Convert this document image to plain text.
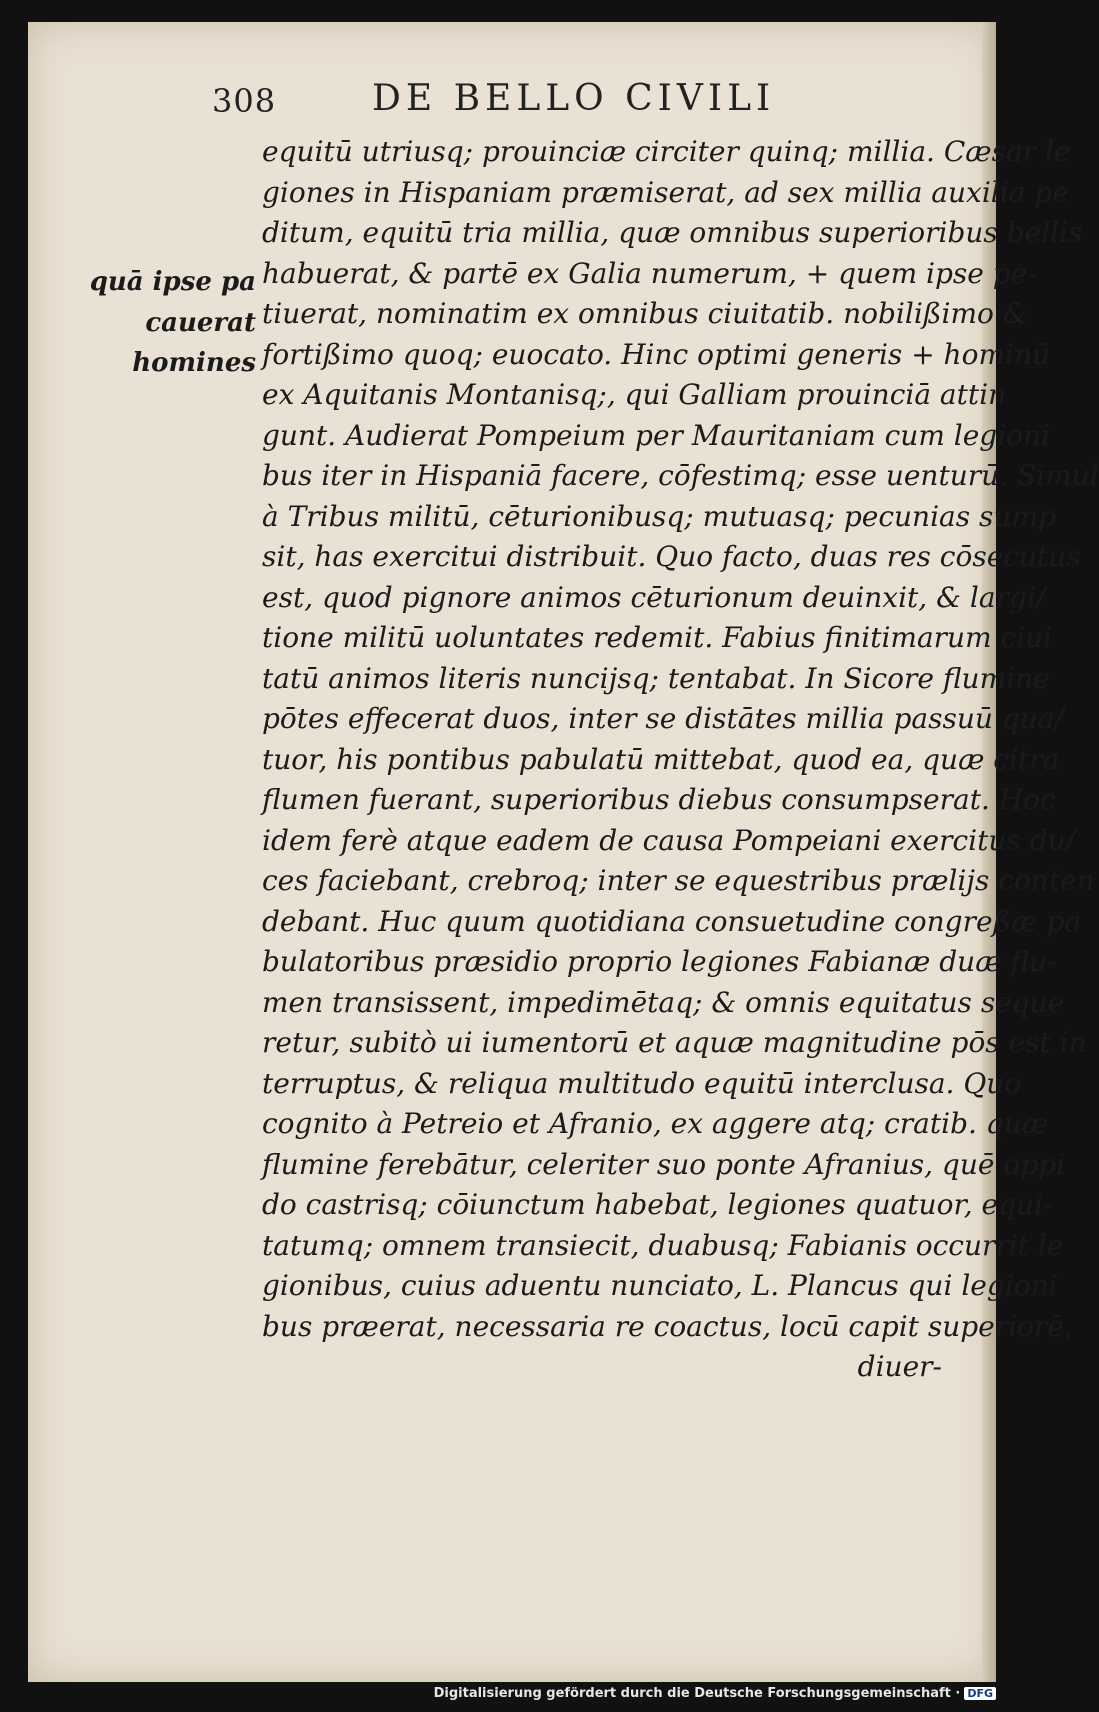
308	DE BELLO CIVILI
quā ipse pa
cauerat
homines
equitū utriusq; prouinciæ circiter quinq; millia. Cæsar le
giones in Hispaniam præmiserat, ad sex millia auxilia pe
ditum, equitū tria millia, quæ omnibus superioribus bellis
habuerat, & partē ex Galia numerum, + quem ipse pe-
tiuerat, nominatim ex omnibus ciuitatib. nobilißimo &
fortißimo quoq; euocato. Hinc optimi generis + hominū
ex Aquitanis Montanisq;, qui Galliam prouinciā attin
gunt. Audierat Pompeium per Mauritaniam cum legioni
bus iter in Hispaniā facere, cōfestimq; esse uenturū. Simul
à Tribus militū, cēturionibusq; mutuasq; pecunias sump
sit, has exercitui distribuit. Quo facto, duas res cōsecutus
est, quod pignore animos cēturionum deuinxit, & largi/
tione militū uoluntates redemit. Fabius finitimarum ciui
tatū animos literis nuncijsq; tentabat. In Sicore flumine
pōtes effecerat duos, inter se distātes millia passuū qua/
tuor, his pontibus pabulatū mittebat, quod ea, quæ citra
flumen fuerant, superioribus diebus consumpserat. Hoc
idem ferè atque eadem de causa Pompeiani exercitus du/
ces faciebant, crebroq; inter se equestribus prælijs conten
debant. Huc quum quotidiana consuetudine congreßæ pa
bulatoribus præsidio proprio legiones Fabianæ duæ flu-
men transissent, impedimētaq; & omnis equitatus seque
retur, subitò ui iumentorū et aquæ magnitudine pōs est in
terruptus, & reliqua multitudo equitū interclusa. Quo
cognito à Petreio et Afranio, ex aggere atq; cratib. quæ
flumine ferebātur, celeriter suo ponte Afranius, quē oppi
do castrisq; cōiunctum habebat, legiones quatuor, equi-
tatumq; omnem transiecit, duabusq; Fabianis occurrit le
gionibus, cuius aduentu nunciato, L. Plancus qui legioni
bus præerat, necessaria re coactus, locū capit superiorē,
diuer-
Digitalisierung gefördert durch die Deutsche Forschungsgemeinschaft · DFG
